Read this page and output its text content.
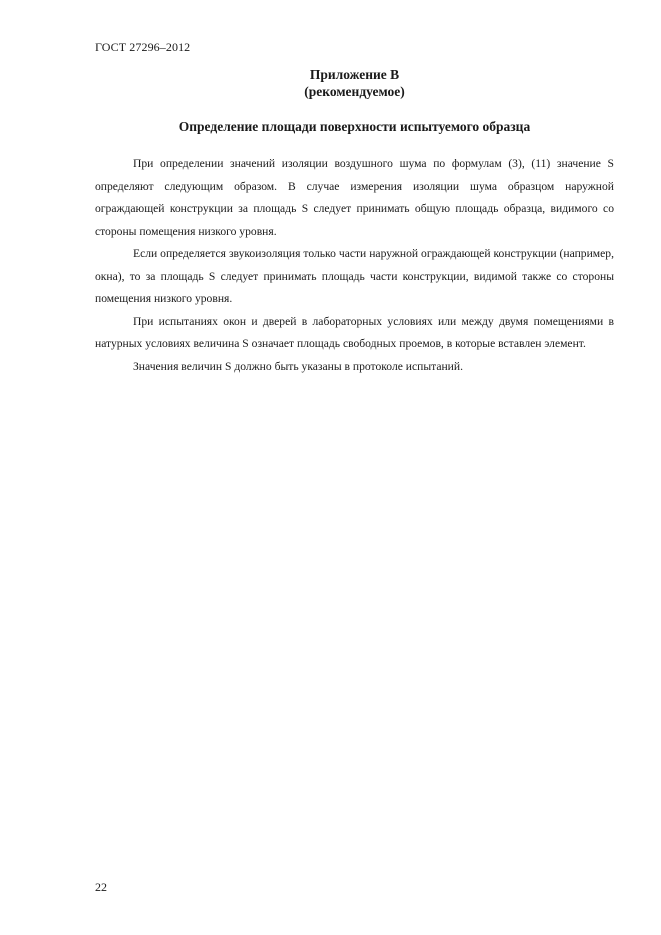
ГОСТ 27296–2012
Приложение В
(рекомендуемое)
Определение площади поверхности испытуемого образца

При определении значений изоляции воздушного шума по формулам (3), (11) значение S определяют следующим образом. В случае измерения изоляции шума образцом наружной ограждающей конструкции за площадь S следует принимать общую площадь образца, видимого со стороны помещения низкого уровня.

Если определяется звукоизоляция только части наружной ограждающей конструкции (например, окна), то за площадь S следует принимать площадь части конструкции, видимой также со стороны помещения низкого уровня.

При испытаниях окон и дверей в лабораторных условиях или между двумя помещениями в натурных условиях величина S означает площадь свободных проемов, в которые вставлен элемент.

Значения величин S должно быть указаны в протоколе испытаний.

22
